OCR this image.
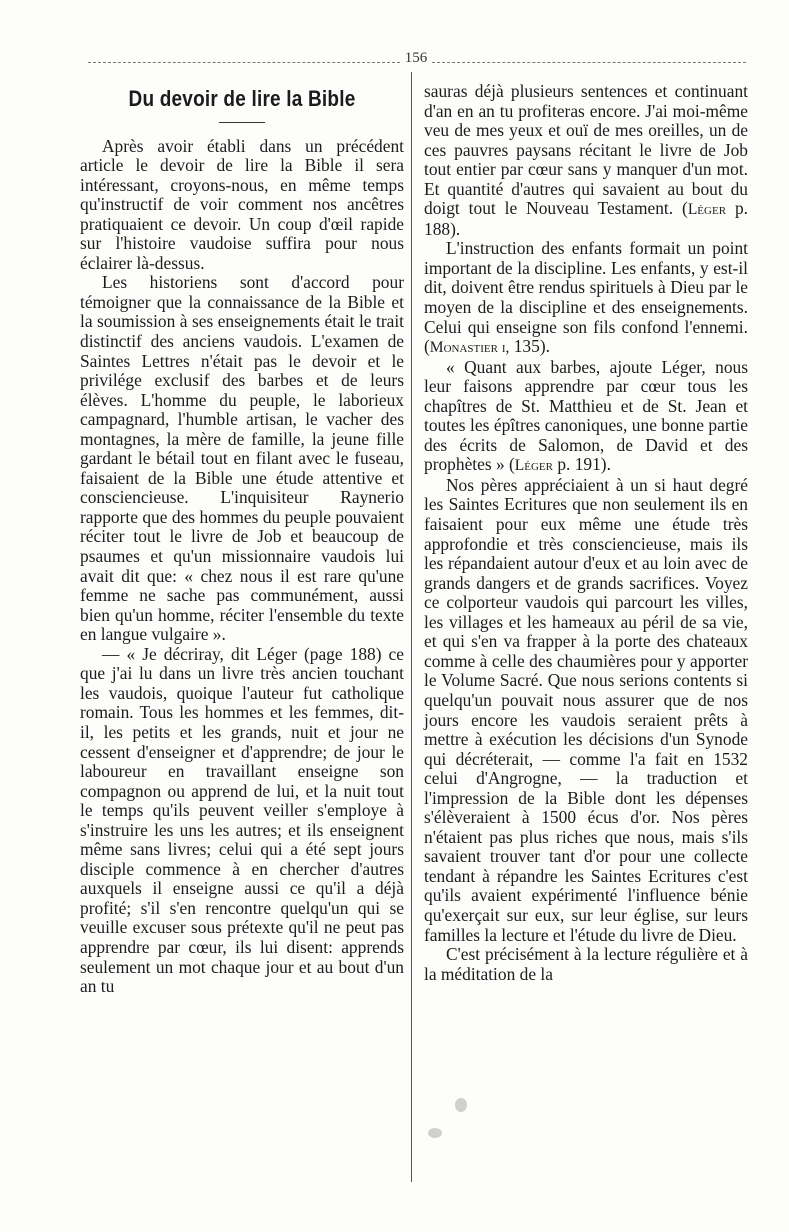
156
Du devoir de lire la Bible

Après avoir établi dans un précédent article le devoir de lire la Bible il sera intéressant, croyons-nous, en même temps qu'instructif de voir comment nos ancêtres pratiquaient ce devoir. Un coup d'œil rapide sur l'histoire vaudoise suffira pour nous éclairer là-dessus.

Les historiens sont d'accord pour témoigner que la connaissance de la Bible et la soumission à ses enseignements était le trait distinctif des anciens vaudois. L'examen de Saintes Lettres n'était pas le devoir et le privilége exclusif des barbes et de leurs élèves. L'homme du peuple, le laborieux campagnard, l'humble artisan, le vacher des montagnes, la mère de famille, la jeune fille gardant le bétail tout en filant avec le fuseau, faisaient de la Bible une étude attentive et consciencieuse. L'inquisiteur Raynerio rapporte que des hommes du peuple pouvaient réciter tout le livre de Job et beaucoup de psaumes et qu'un missionnaire vaudois lui avait dit que: « chez nous il est rare qu'une femme ne sache pas communément, aussi bien qu'un homme, réciter l'ensemble du texte en langue vulgaire ».

— « Je décriray, dit Léger (page 188) ce que j'ai lu dans un livre très ancien touchant les vaudois, quoique l'auteur fut catholique romain. Tous les hommes et les femmes, dit-il, les petits et les grands, nuit et jour ne cessent d'enseigner et d'apprendre; de jour le laboureur en travaillant enseigne son compagnon ou apprend de lui, et la nuit tout le temps qu'ils peuvent veiller s'employe à s'instruire les uns les autres; et ils enseignent même sans livres; celui qui a été sept jours disciple commence à en chercher d'autres auxquels il enseigne aussi ce qu'il a déjà profité; s'il s'en rencontre quelqu'un qui se veuille excuser sous prétexte qu'il ne peut pas apprendre par cœur, ils lui disent: apprends seulement un mot chaque jour et au bout d'un an tu

sauras déjà plusieurs sentences et continuant d'an en an tu profiteras encore. J'ai moi-même veu de mes yeux et ouï de mes oreilles, un de ces pauvres paysans récitant le livre de Job tout entier par cœur sans y manquer d'un mot. Et quantité d'autres qui savaient au bout du doigt tout le Nouveau Testament. (Léger p. 188).

L'instruction des enfants formait un point important de la discipline. Les enfants, y est-il dit, doivent être rendus spirituels à Dieu par le moyen de la discipline et des enseignements. Celui qui enseigne son fils confond l'ennemi. (Monastier i, 135).

« Quant aux barbes, ajoute Léger, nous leur faisons apprendre par cœur tous les chapîtres de St. Matthieu et de St. Jean et toutes les épîtres canoniques, une bonne partie des écrits de Salomon, de David et des prophètes » (Léger p. 191).

Nos pères appréciaient à un si haut degré les Saintes Ecritures que non seulement ils en faisaient pour eux même une étude très approfondie et très consciencieuse, mais ils les répandaient autour d'eux et au loin avec de grands dangers et de grands sacrifices. Voyez ce colporteur vaudois qui parcourt les villes, les villages et les hameaux au péril de sa vie, et qui s'en va frapper à la porte des chateaux comme à celle des chaumières pour y apporter le Volume Sacré. Que nous serions contents si quelqu'un pouvait nous assurer que de nos jours encore les vaudois seraient prêts à mettre à exécution les décisions d'un Synode qui décréterait, — comme l'a fait en 1532 celui d'Angrogne, — la traduction et l'impression de la Bible dont les dépenses s'élèveraient à 1500 écus d'or. Nos pères n'étaient pas plus riches que nous, mais s'ils savaient trouver tant d'or pour une collecte tendant à répandre les Saintes Ecritures c'est qu'ils avaient expérimenté l'influence bénie qu'exerçait sur eux, sur leur église, sur leurs familles la lecture et l'étude du livre de Dieu.

C'est précisément à la lecture régulière et à la méditation de la
